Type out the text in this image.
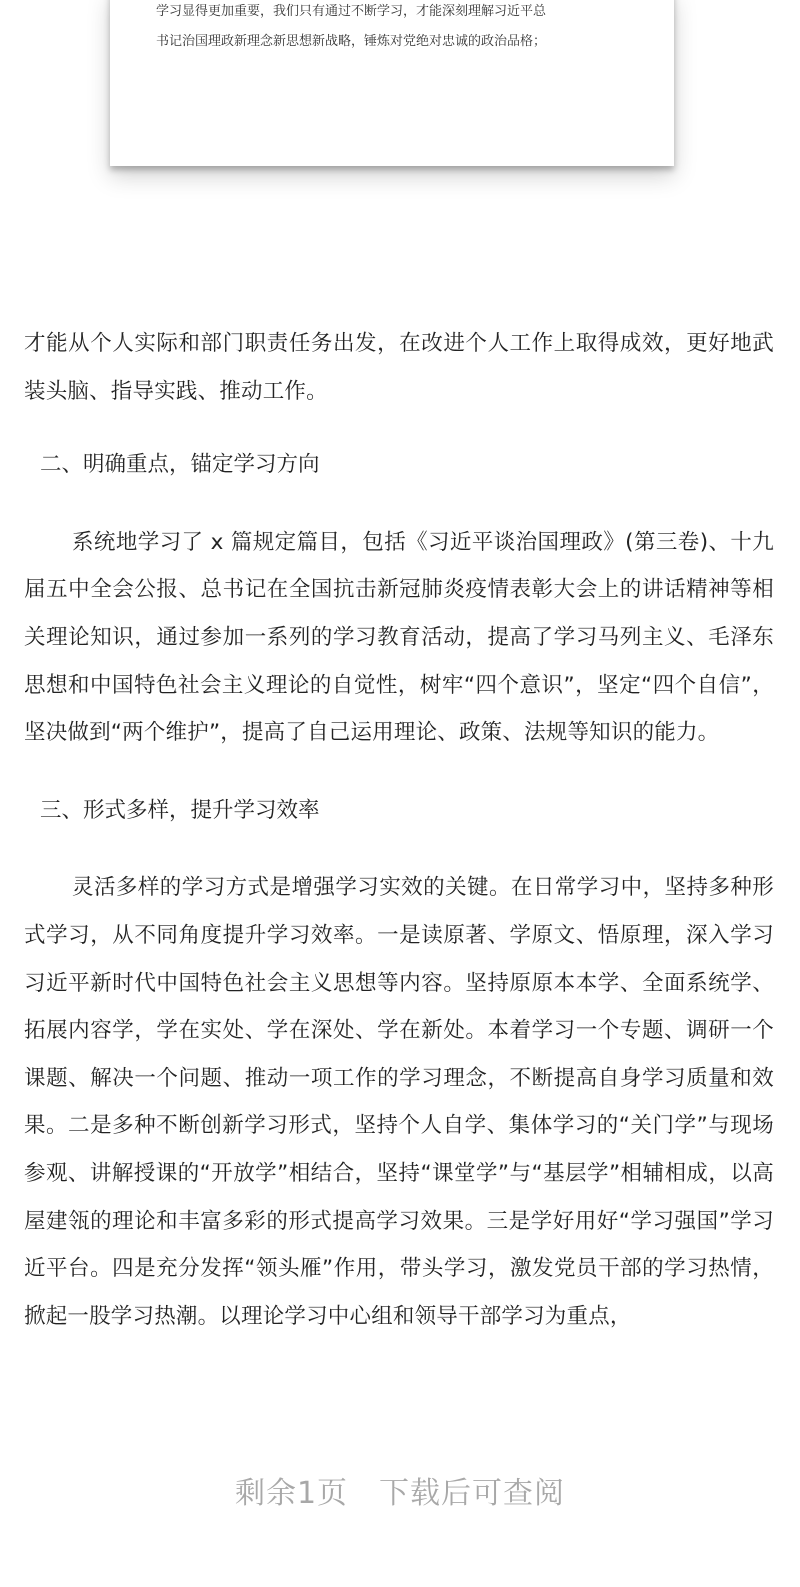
学习显得更加重要，我们只有通过不断学习，才能深刻理解习近平总
书记治国理政新理念新思想新战略，锤炼对党绝对忠诚的政治品格；

才能从个人实际和部门职责任务出发，在改进个人工作上取得成效，更好地武装头脑、指导实践、推动工作。

二、明确重点，锚定学习方向

系统地学习了 x 篇规定篇目，包括《习近平谈治国理政》(第三卷)、十九届五中全会公报、总书记在全国抗击新冠肺炎疫情表彰大会上的讲话精神等相关理论知识，通过参加一系列的学习教育活动，提高了学习马列主义、毛泽东思想和中国特色社会主义理论的自觉性，树牢“四个意识”，坚定“四个自信”，坚决做到“两个维护”，提高了自己运用理论、政策、法规等知识的能力。

三、形式多样，提升学习效率

灵活多样的学习方式是增强学习实效的关键。在日常学习中，坚持多种形式学习，从不同角度提升学习效率。一是读原著、学原文、悟原理，深入学习习近平新时代中国特色社会主义思想等内容。坚持原原本本学、全面系统学、拓展内容学，学在实处、学在深处、学在新处。本着学习一个专题、调研一个课题、解决一个问题、推动一项工作的学习理念，不断提高自身学习质量和效果。二是多种不断创新学习形式，坚持个人自学、集体学习的“关门学”与现场参观、讲解授课的“开放学”相结合，坚持“课堂学”与“基层学”相辅相成，以高屋建瓴的理论和丰富多彩的形式提高学习效果。三是学好用好“学习强国”学习近平台。四是充分发挥“领头雁”作用，带头学习，激发党员干部的学习热情，掀起一股学习热潮。以理论学习中心组和领导干部学习为重点，

剩余1页　下载后可查阅
